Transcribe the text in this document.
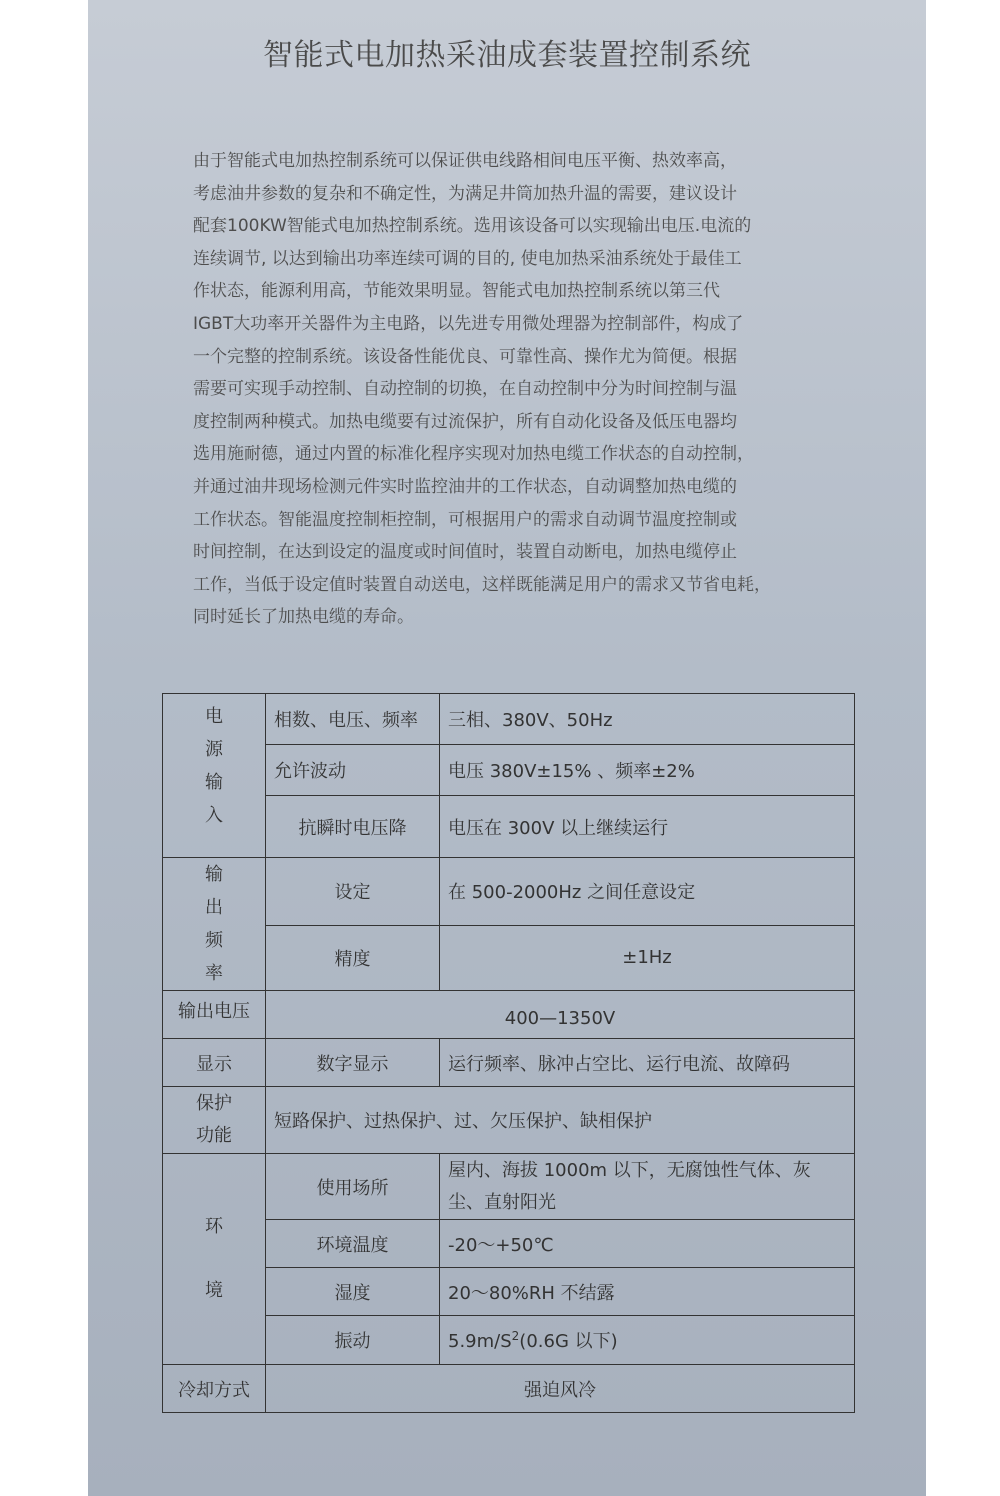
智能式电加热采油成套装置控制系统

由于智能式电加热控制系统可以保证供电线路相间电压平衡、热效率高，
考虑油井参数的复杂和不确定性，为满足井筒加热升温的需要，建议设计
配套100KW智能式电加热控制系统。选用该设备可以实现输出电压.电流的
连续调节, 以达到输出功率连续可调的目的, 使电加热采油系统处于最佳工
作状态，能源利用高，节能效果明显。智能式电加热控制系统以第三代
IGBT大功率开关器件为主电路，以先进专用微处理器为控制部件，构成了
一个完整的控制系统。该设备性能优良、可靠性高、操作尤为简便。根据
需要可实现手动控制、自动控制的切换，在自动控制中分为时间控制与温
度控制两种模式。加热电缆要有过流保护，所有自动化设备及低压电器均
选用施耐德，通过内置的标准化程序实现对加热电缆工作状态的自动控制，
并通过油井现场检测元件实时监控油井的工作状态，自动调整加热电缆的
工作状态。智能温度控制柜控制，可根据用户的需求自动调节温度控制或
时间控制，在达到设定的温度或时间值时，装置自动断电，加热电缆停止
工作，当低于设定值时装置自动送电，这样既能满足用户的需求又节省电耗，
同时延长了加热电缆的寿命。

电
源
输
入	相数、电压、频率	三相、380V、50Hz
	允许波动	电压 380V±15% 、频率±2%
	抗瞬时电压降	电压在 300V 以上继续运行

输
出
频
率	设定	在 500-2000Hz 之间任意设定
	精度	±1Hz
输出电压	400—1350V	
显示	数字显示	运行频率、脉冲占空比、运行电流、故障码

保护
功能	短路保护、过热保护、过、欠压保护、缺相保护	

环
境	使用场所	屋内、海拔 1000m 以下，无腐蚀性气体、灰
尘、直射阳光

	环境温度	-20～+50℃
	湿度	20～80%RH 不结露
	振动	$5.9m/S^2(0.6G$ 以下)
冷却方式	强迫风冷	
